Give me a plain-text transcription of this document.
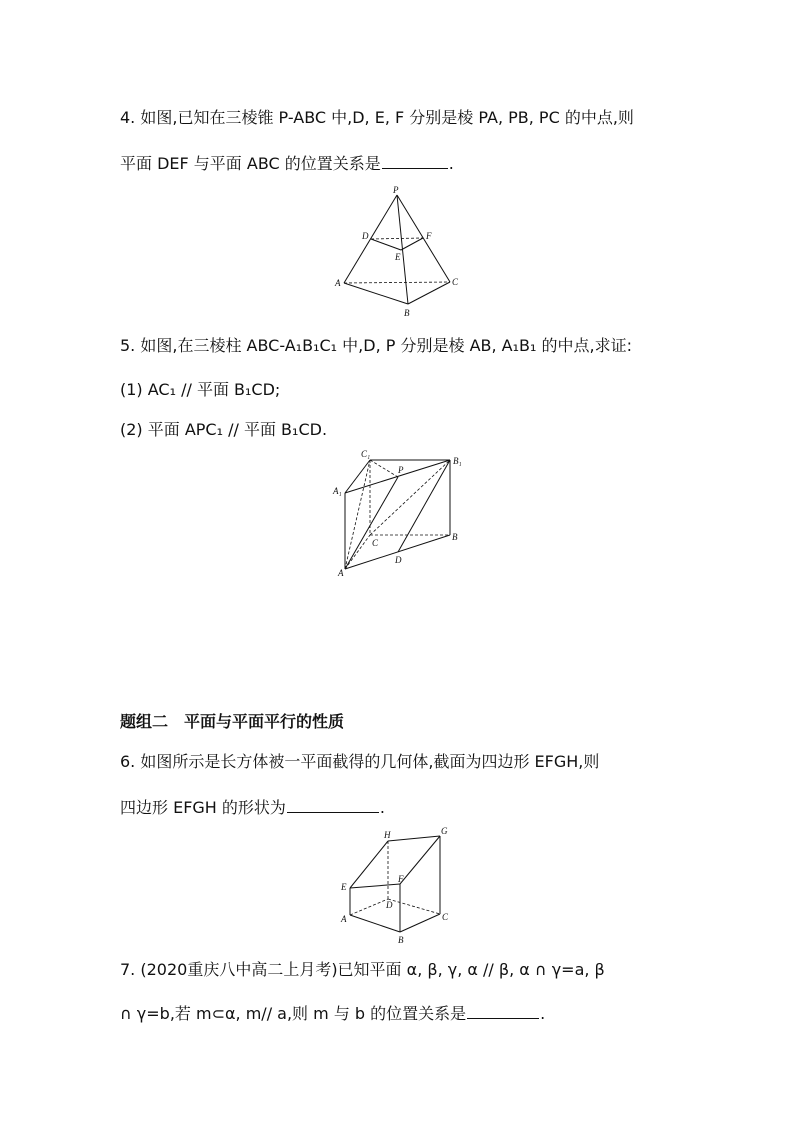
4. 如图,已知在三棱锥 P-ABC 中,D, E, F 分别是棱 PA, PB, PC 的中点,则
平面 DEF 与平面 ABC 的位置关系是	.
P
D	F
E
A	C
B
5. 如图,在三棱柱 ABC-A₁B₁C₁ 中,D, P 分别是棱 AB, A₁B₁ 的中点,求证:
(1) AC₁ // 平面 B₁CD;
(2) 平面 APC₁ // 平面 B₁CD.
C₁
P
B₁
A₁
C
B
D
A
题组二　平面与平面平行的性质
6. 如图所示是长方体被一平面截得的几何体,截面为四边形 EFGH,则
四边形 EFGH 的形状为	.
H	G
E
F
D
A	C
B
7. (2020重庆八中高二上月考)已知平面 α, β, γ, α // β, α ∩ γ=a, β
∩ γ=b,若 m⊂α, m// a,则 m 与 b 的位置关系是	.
